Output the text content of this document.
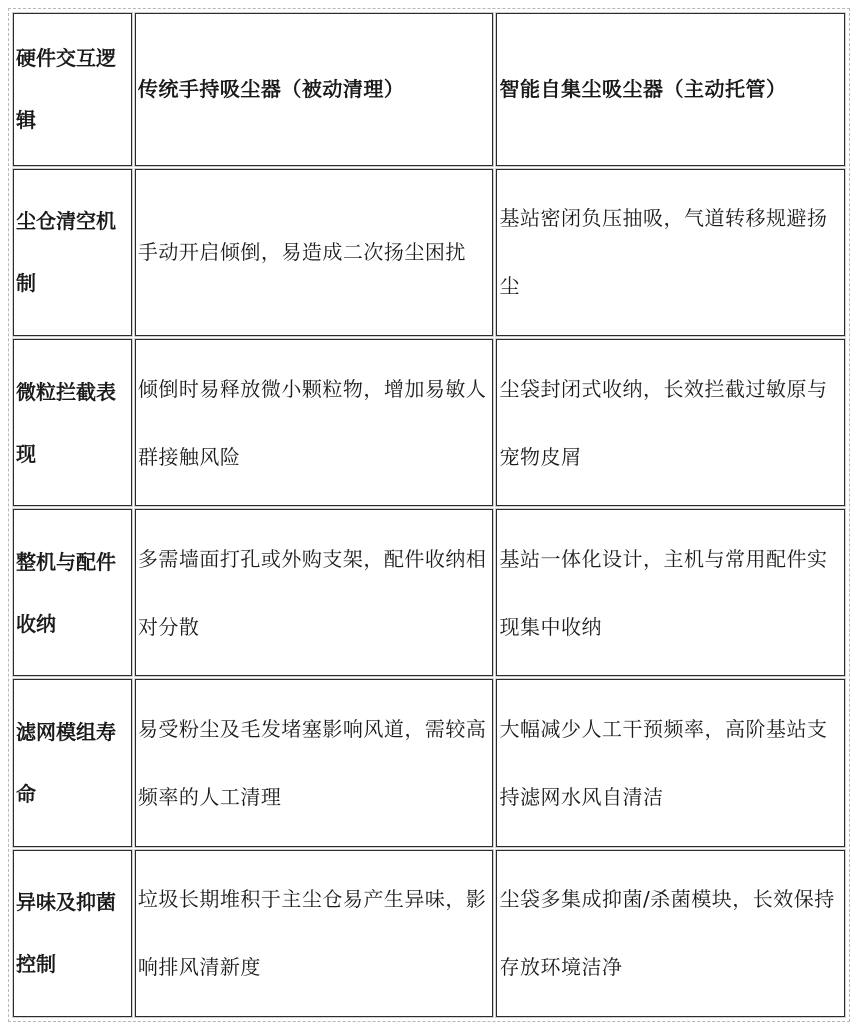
硬件交互逻辑	传统手持吸尘器（被动清理）	智能自集尘吸尘器（主动托管）
尘仓清空机制	手动开启倾倒，易造成二次扬尘困扰	基站密闭负压抽吸，气道转移规避扬尘
微粒拦截表现	倾倒时易释放微小颗粒物，增加易敏人群接触风险	尘袋封闭式收纳，长效拦截过敏原与宠物皮屑
整机与配件收纳	多需墙面打孔或外购支架，配件收纳相对分散	基站一体化设计，主机与常用配件实现集中收纳
滤网模组寿命	易受粉尘及毛发堵塞影响风道，需较高频率的人工清理	大幅减少人工干预频率，高阶基站支持滤网水风自清洁
异味及抑菌控制	垃圾长期堆积于主尘仓易产生异味，影响排风清新度	尘袋多集成抑菌/杀菌模块，长效保持存放环境洁净
